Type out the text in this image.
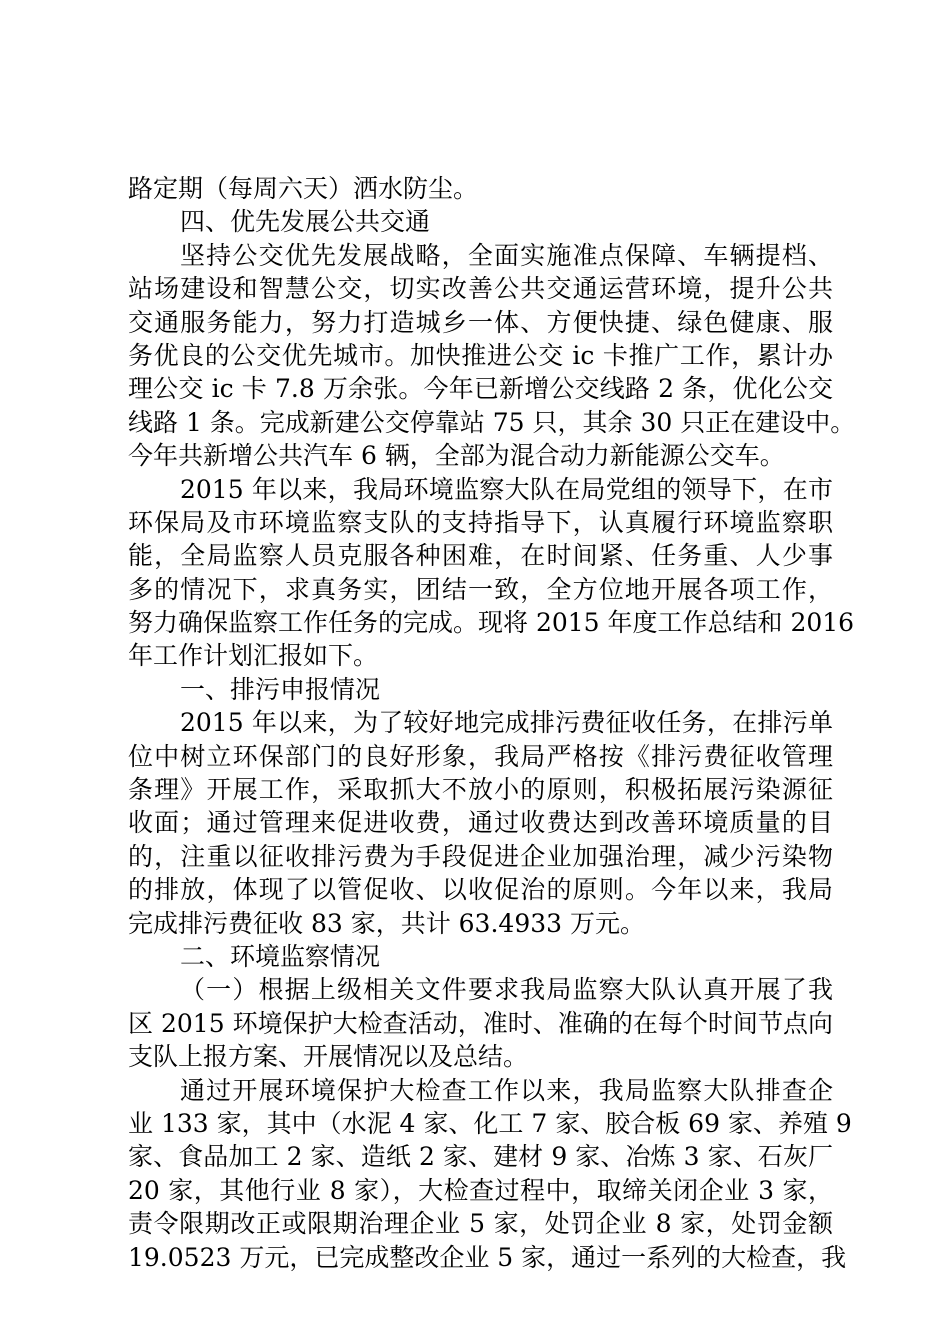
路定期（每周六天）洒水防尘。
四、优先发展公共交通
坚持公交优先发展战略，全面实施准点保障、车辆提档、
站场建设和智慧公交，切实改善公共交通运营环境，提升公共
交通服务能力，努力打造城乡一体、方便快捷、绿色健康、服
务优良的公交优先城市。加快推进公交 ic 卡推广工作，累计办
理公交 ic 卡 7.8 万余张。今年已新增公交线路 2 条，优化公交
线路 1 条。完成新建公交停靠站 75 只，其余 30 只正在建设中。
今年共新增公共汽车 6 辆，全部为混合动力新能源公交车。
2015 年以来，我局环境监察大队在局党组的领导下，在市
环保局及市环境监察支队的支持指导下，认真履行环境监察职
能，全局监察人员克服各种困难，在时间紧、任务重、人少事
多的情况下，求真务实，团结一致，全方位地开展各项工作，
努力确保监察工作任务的完成。现将 2015 年度工作总结和 2016
年工作计划汇报如下。
一、排污申报情况
2015 年以来，为了较好地完成排污费征收任务，在排污单
位中树立环保部门的良好形象，我局严格按《排污费征收管理
条理》开展工作，采取抓大不放小的原则，积极拓展污染源征
收面；通过管理来促进收费，通过收费达到改善环境质量的目
的，注重以征收排污费为手段促进企业加强治理，减少污染物
的排放，体现了以管促收、以收促治的原则。今年以来，我局
完成排污费征收 83 家，共计 63.4933 万元。
二、环境监察情况
（一）根据上级相关文件要求我局监察大队认真开展了我
区 2015 环境保护大检查活动，准时、准确的在每个时间节点向
支队上报方案、开展情况以及总结。
通过开展环境保护大检查工作以来，我局监察大队排查企
业 133 家，其中（水泥 4 家、化工 7 家、胶合板 69 家、养殖 9
家、食品加工 2 家、造纸 2 家、建材 9 家、冶炼 3 家、石灰厂
20 家，其他行业 8 家），大检查过程中，取缔关闭企业 3 家，
责令限期改正或限期治理企业 5 家，处罚企业 8 家，处罚金额
19.0523 万元，已完成整改企业 5 家，通过一系列的大检查，我
